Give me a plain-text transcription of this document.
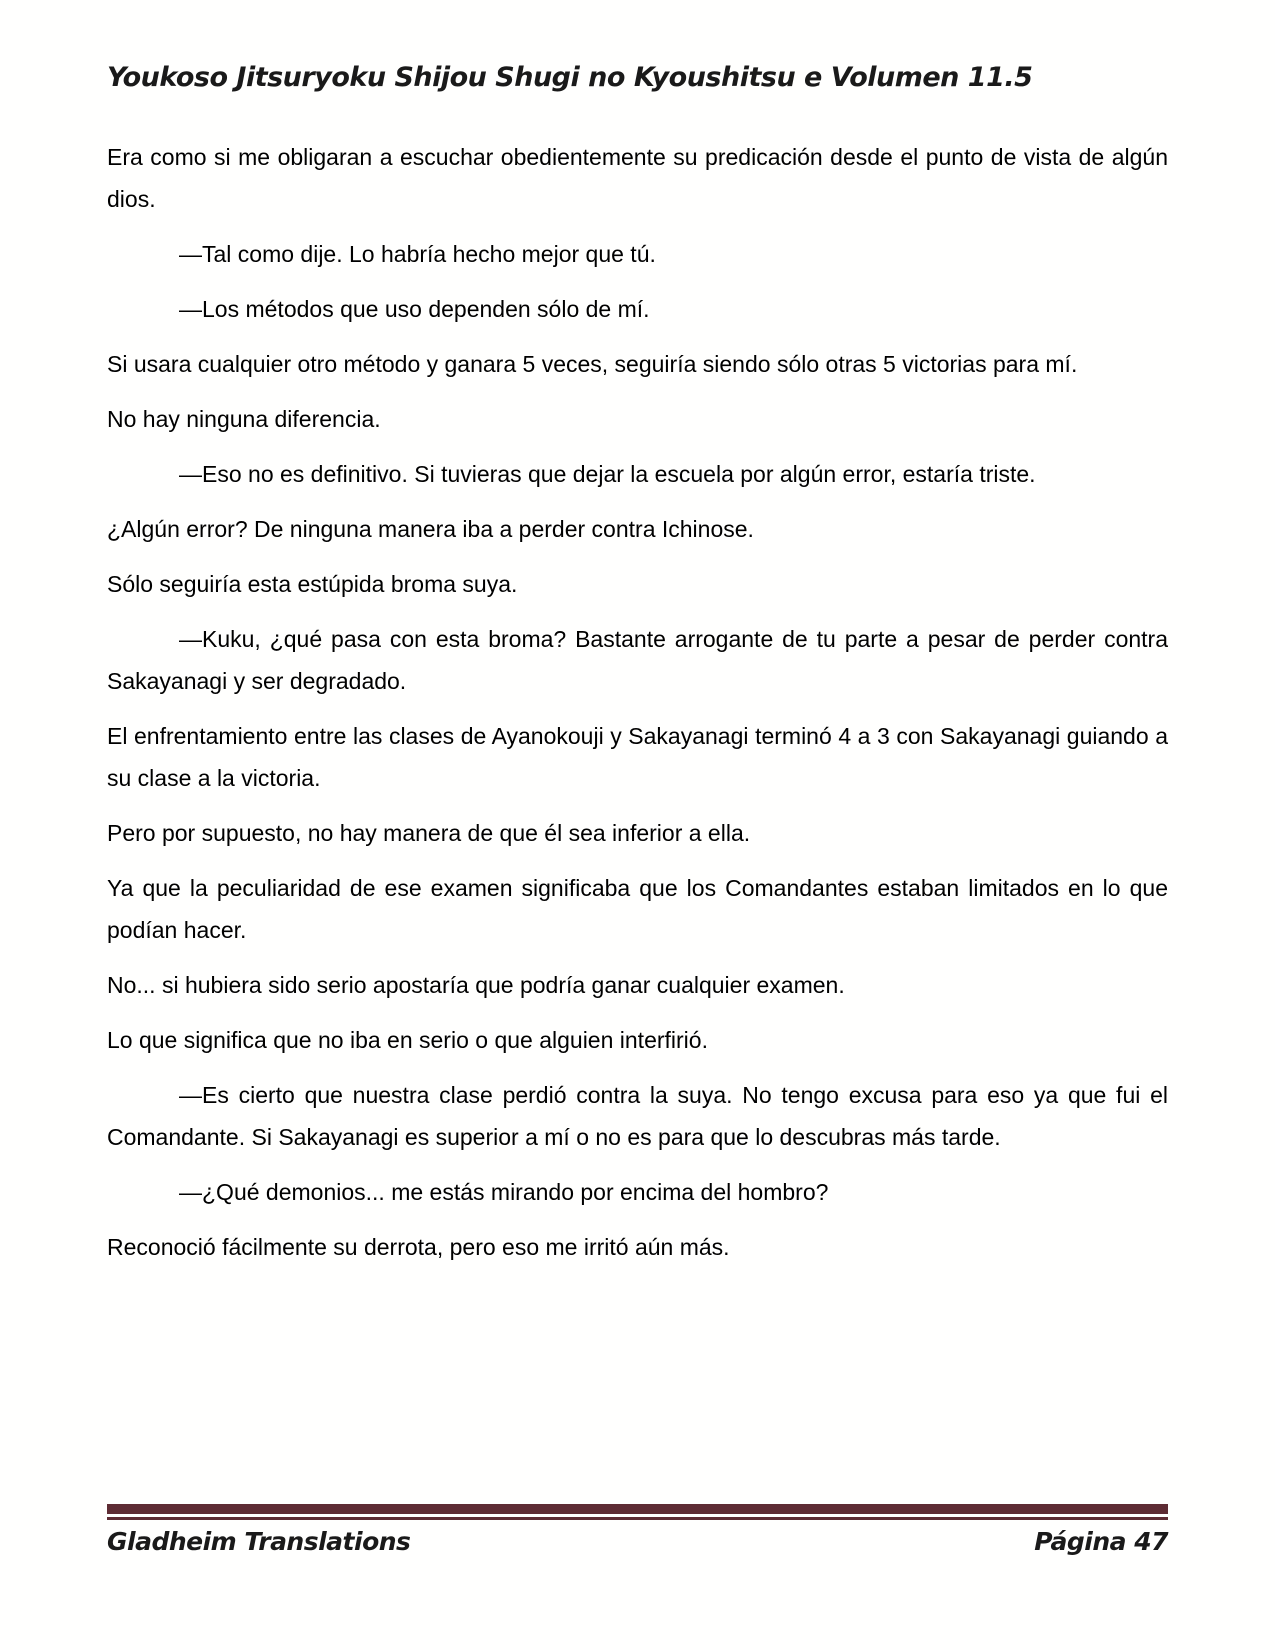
Youkoso Jitsuryoku Shijou Shugi no Kyoushitsu e Volumen 11.5

Era como si me obligaran a escuchar obedientemente su predicación desde el punto de vista de algún dios.

—Tal como dije. Lo habría hecho mejor que tú.

—Los métodos que uso dependen sólo de mí.

Si usara cualquier otro método y ganara 5 veces, seguiría siendo sólo otras 5 victorias para mí.

No hay ninguna diferencia.

—Eso no es definitivo. Si tuvieras que dejar la escuela por algún error, estaría triste.

¿Algún error? De ninguna manera iba a perder contra Ichinose.

Sólo seguiría esta estúpida broma suya.

—Kuku, ¿qué pasa con esta broma? Bastante arrogante de tu parte a pesar de perder contra Sakayanagi y ser degradado.

El enfrentamiento entre las clases de Ayanokouji y Sakayanagi terminó 4 a 3 con Sakayanagi guiando a su clase a la victoria.

Pero por supuesto, no hay manera de que él sea inferior a ella.

Ya que la peculiaridad de ese examen significaba que los Comandantes estaban limitados en lo que podían hacer.

No... si hubiera sido serio apostaría que podría ganar cualquier examen.

Lo que significa que no iba en serio o que alguien interfirió.

—Es cierto que nuestra clase perdió contra la suya. No tengo excusa para eso ya que fui el Comandante. Si Sakayanagi es superior a mí o no es para que lo descubras más tarde.

—¿Qué demonios... me estás mirando por encima del hombro?

Reconoció fácilmente su derrota, pero eso me irritó aún más.

Gladheim Translations	Página 47
